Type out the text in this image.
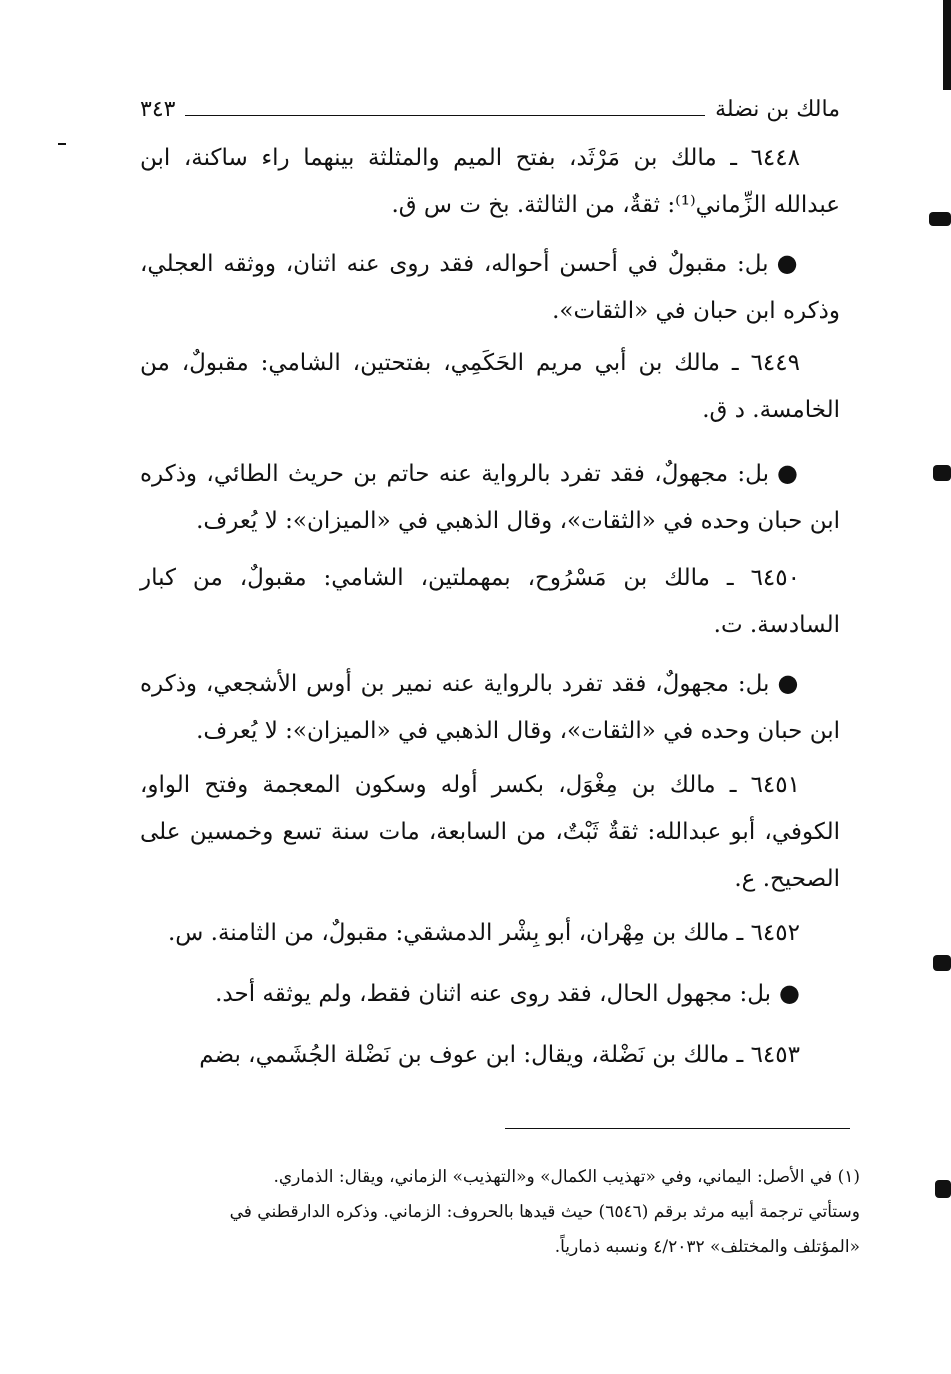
مالك بن نضلة
٣٤٣
٦٤٤٨ ـ مالك بن مَرْثَد، بفتح الميم والمثلثة بينهما راء ساكنة، ابن عبدالله الزِّماني⁽¹⁾: ثقةٌ، من الثالثة. بخ ت س ق.
●بل: مقبولٌ في أحسن أحواله، فقد روى عنه اثنان، ووثقه العجلي، وذكره ابن حبان في «الثقات».
٦٤٤٩ ـ مالك بن أبي مريم الحَكَمِي، بفتحتين، الشامي: مقبولٌ، من الخامسة. د ق.
●بل: مجهولٌ، فقد تفرد بالرواية عنه حاتم بن حريث الطائي، وذكره ابن حبان وحده في «الثقات»، وقال الذهبي في «الميزان»: لا يُعرف.
٦٤٥٠ ـ مالك بن مَسْرُوح، بمهملتين، الشامي: مقبولٌ، من كبار السادسة. ت.
●بل: مجهولٌ، فقد تفرد بالرواية عنه نمير بن أوس الأشجعي، وذكره ابن حبان وحده في «الثقات»، وقال الذهبي في «الميزان»: لا يُعرف.
٦٤٥١ ـ مالك بن مِغْوَل، بكسر أوله وسكون المعجمة وفتح الواو، الكوفي، أبو عبدالله: ثقةٌ ثَبْتٌ، من السابعة، مات سنة تسع وخمسين على الصحيح. ع.
٦٤٥٢ ـ مالك بن مِهْران، أبو بِشْر الدمشقي: مقبولٌ، من الثامنة. س.
●بل: مجهول الحال، فقد روى عنه اثنان فقط، ولم يوثقه أحد.
٦٤٥٣ ـ مالك بن نَضْلة، ويقال: ابن عوف بن نَضْلة الجُشَمي، بضم
(١) في الأصل: اليماني، وفي «تهذيب الكمال» و«التهذيب» الزماني، ويقال: الذماري.
وستأتي ترجمة أبيه مرثد برقم (٦٥٤٦) حيث قيدها بالحروف: الزماني. وذكره الدارقطني في
«المؤتلف والمختلف» ٤/٢٠٣٢ ونسبه ذمارياً.
